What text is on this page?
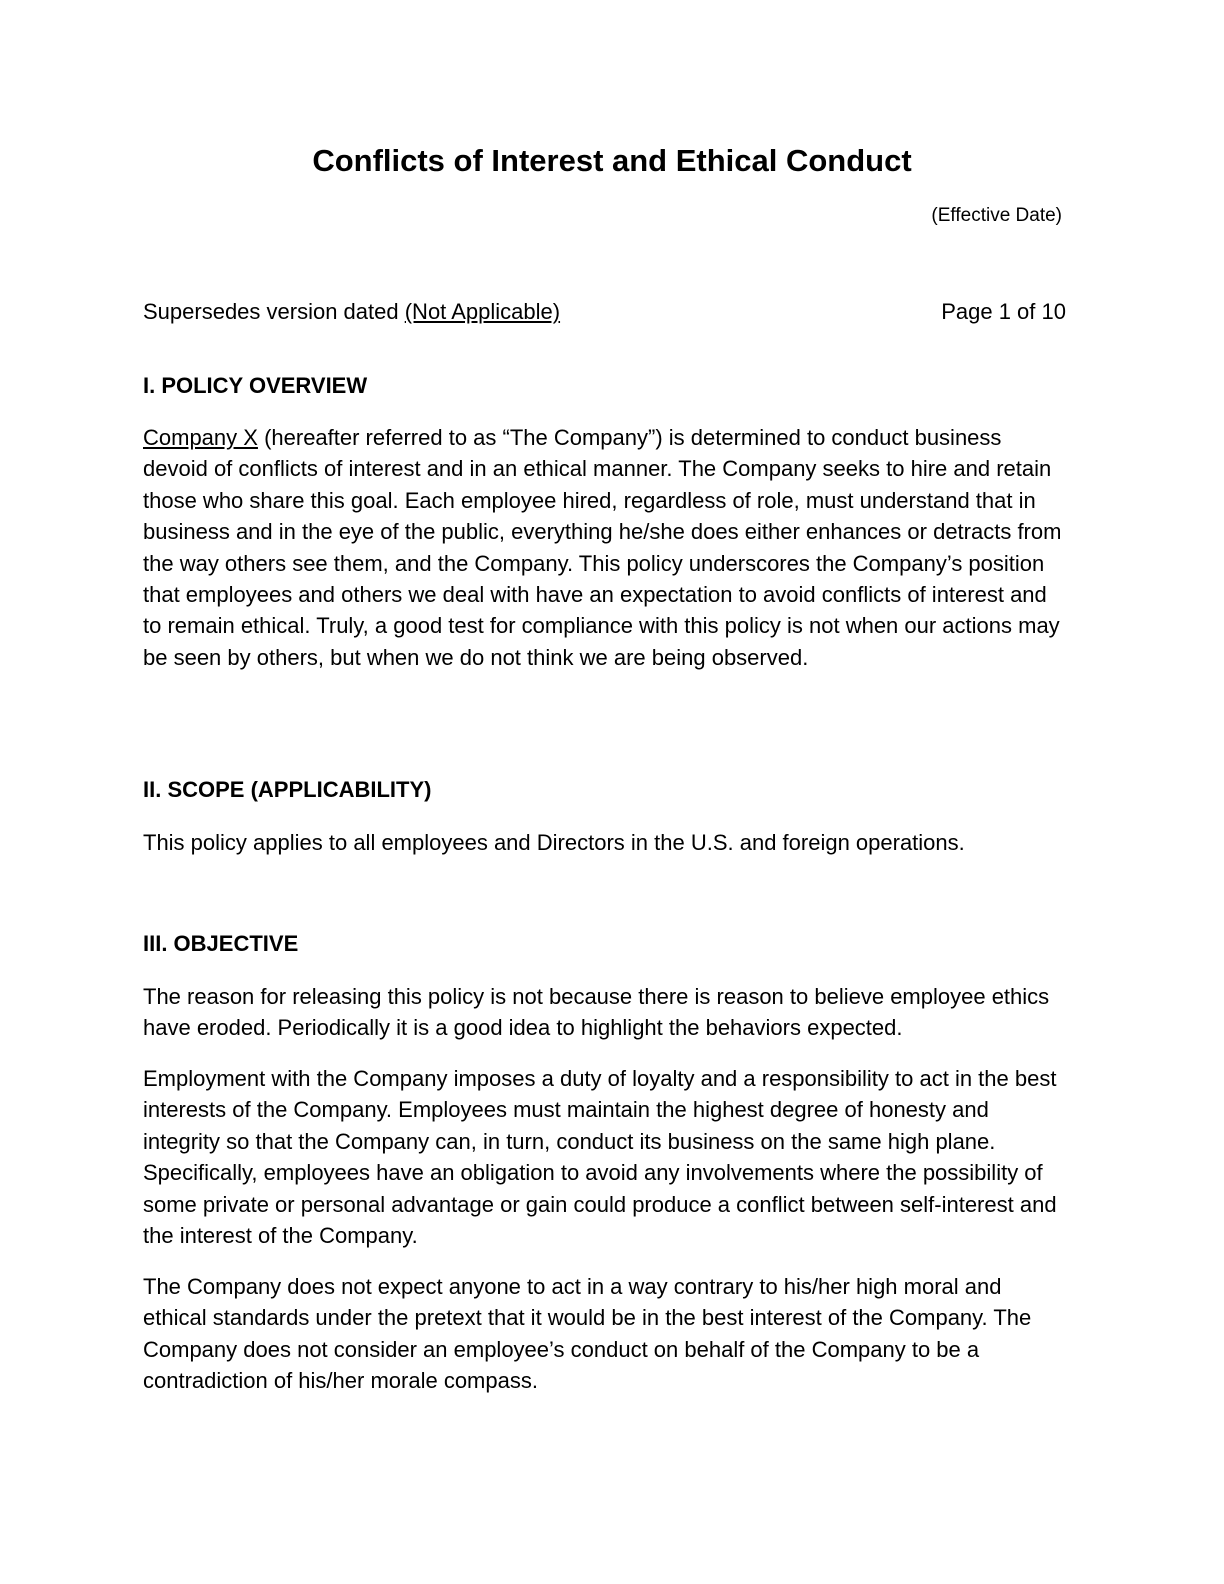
Conflicts of Interest and Ethical Conduct
(Effective Date)
Supersedes version dated (Not Applicable)	Page 1 of 10
I. POLICY OVERVIEW

Company X (hereafter referred to as “The Company”) is determined to conduct business devoid of conflicts of interest and in an ethical manner. The Company seeks to hire and retain those who share this goal. Each employee hired, regardless of role, must understand that in business and in the eye of the public, everything he/she does either enhances or detracts from the way others see them, and the Company. This policy underscores the Company’s position that employees and others we deal with have an expectation to avoid conflicts of interest and to remain ethical. Truly, a good test for compliance with this policy is not when our actions may be seen by others, but when we do not think we are being observed.

II. SCOPE (APPLICABILITY)

This policy applies to all employees and Directors in the U.S. and foreign operations.

III. OBJECTIVE

The reason for releasing this policy is not because there is reason to believe employee ethics have eroded. Periodically it is a good idea to highlight the behaviors expected.

Employment with the Company imposes a duty of loyalty and a responsibility to act in the best interests of the Company. Employees must maintain the highest degree of honesty and integrity so that the Company can, in turn, conduct its business on the same high plane. Specifically, employees have an obligation to avoid any involvements where the possibility of some private or personal advantage or gain could produce a conflict between self-interest and the interest of the Company.

The Company does not expect anyone to act in a way contrary to his/her high moral and ethical standards under the pretext that it would be in the best interest of the Company. The Company does not consider an employee’s conduct on behalf of the Company to be a contradiction of his/her morale compass.
